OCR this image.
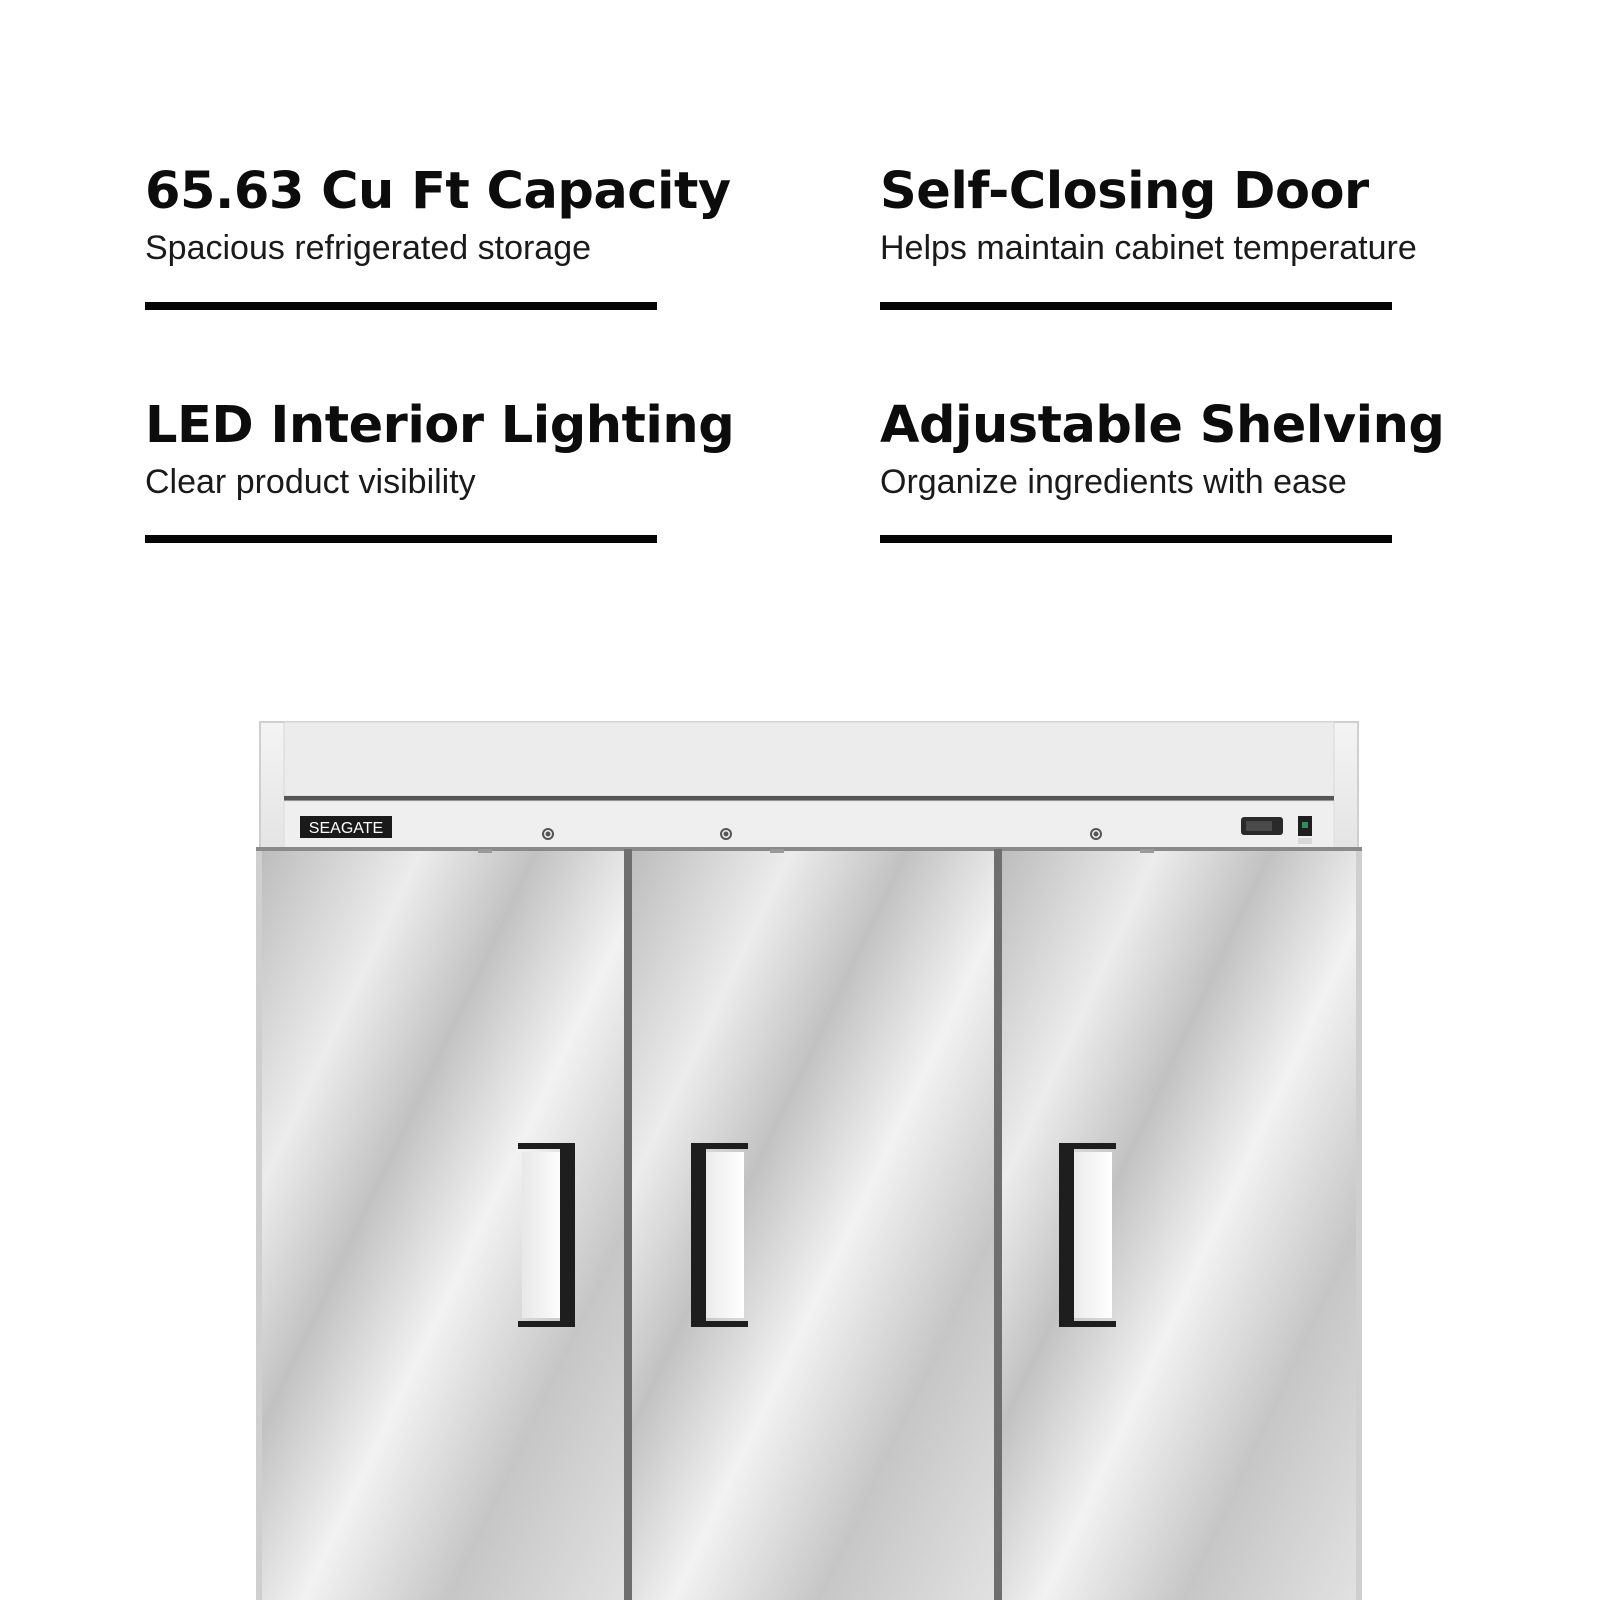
65.63 Cu Ft Capacity
Spacious refrigerated storage
Self-Closing Door
Helps maintain cabinet temperature
LED Interior Lighting
Clear product visibility
Adjustable Shelving
Organize ingredients with ease
SEAGATE
